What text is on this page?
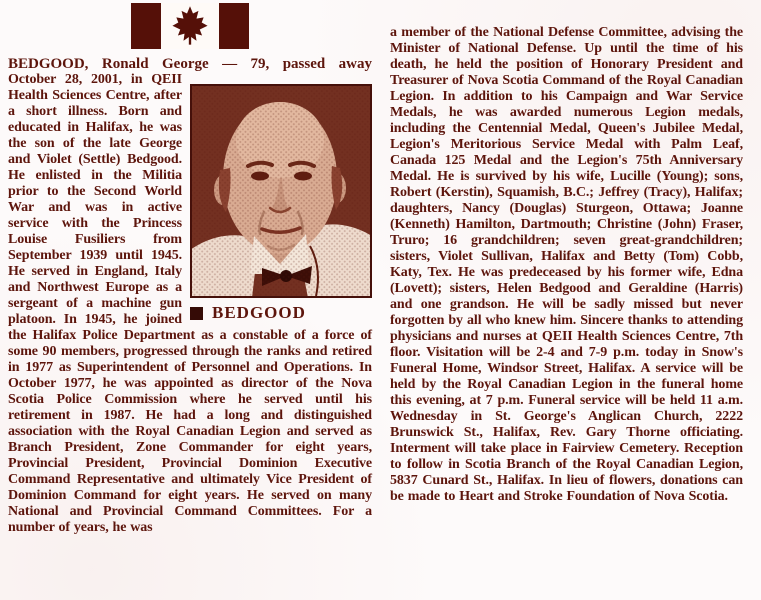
BEDGOOD, Ronald George — 79, passed away
BEDGOOD
October 28, 2001, in QEII Health Sciences Centre, after a short illness. Born and educated in Halifax, he was the son of the late George and Violet (Settle) Bedgood. He enlisted in the Militia prior to the Second World War and was in active service with the Princess Louise Fusiliers from September 1939 until 1945. He served in England, Italy and Northwest Europe as a sergeant of a machine gun platoon. In 1945, he joined the Halifax Police Department as a constable of a force of some 90 members, progressed through the ranks and retired in 1977 as Superintendent of Personnel and Operations. In October 1977, he was appointed as director of the Nova Scotia Police Commission where he served until his retirement in 1987. He had a long and distinguished association with the Royal Canadian Legion and served as Branch President, Zone Commander for eight years, Provincial President, Provincial Dominion Executive Command Representative and ultimately Vice President of Dominion Command for eight years. He served on many National and Provincial Command Committees. For a number of years, he was

a member of the National Defense Committee, advising the Minister of National Defense. Up until the time of his death, he held the position of Honorary President and Treasurer of Nova Scotia Command of the Royal Canadian Legion. In addition to his Campaign and War Service Medals, he was awarded numerous Legion medals, including the Centennial Medal, Queen's Jubilee Medal, Legion's Meritorious Service Medal with Palm Leaf, Canada 125 Medal and the Legion's 75th Anniversary Medal. He is survived by his wife, Lucille (Young); sons, Robert (Kerstin), Squamish, B.C.; Jeffrey (Tracy), Halifax; daughters, Nancy (Douglas) Sturgeon, Ottawa; Joanne (Kenneth) Hamilton, Dartmouth; Christine (John) Fraser, Truro; 16 grandchildren; seven great-grandchildren; sisters, Violet Sullivan, Halifax and Betty (Tom) Cobb, Katy, Tex. He was predeceased by his former wife, Edna (Lovett); sisters, Helen Bedgood and Geraldine (Harris) and one grandson. He will be sadly missed but never forgotten by all who knew him. Sincere thanks to attending physicians and nurses at QEII Health Sciences Centre, 7th floor. Visitation will be 2-4 and 7-9 p.m. today in Snow's Funeral Home, Windsor Street, Halifax. A service will be held by the Royal Canadian Legion in the funeral home this evening, at 7 p.m. Funeral service will be held 11 a.m. Wednesday in St. George's Anglican Church, 2222 Brunswick St., Halifax, Rev. Gary Thorne officiating. Interment will take place in Fairview Cemetery. Reception to follow in Scotia Branch of the Royal Canadian Legion, 5837 Cunard St., Halifax. In lieu of flowers, donations can be made to Heart and Stroke Foundation of Nova Scotia.
